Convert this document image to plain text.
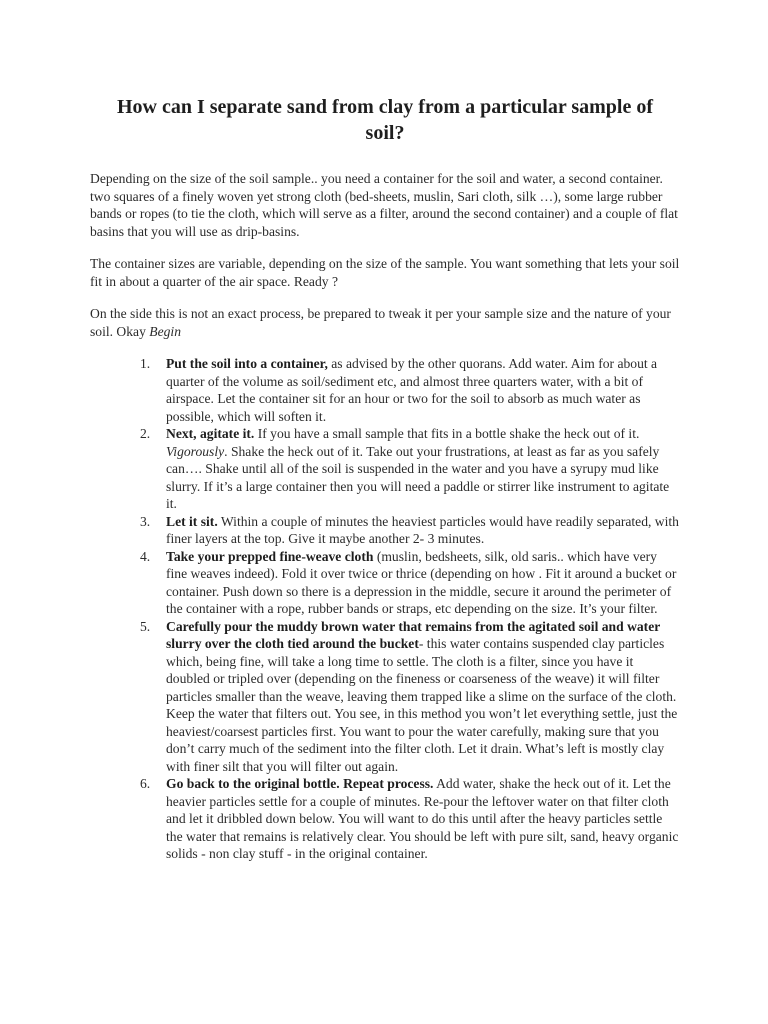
How can I separate sand from clay from a particular sample of soil?

Depending on the size of the soil sample.. you need a container for the soil and water, a second container. two squares of a finely woven yet strong cloth (bed-sheets, muslin, Sari cloth, silk …), some large rubber bands or ropes (to tie the cloth, which will serve as a filter, around the second container) and a couple of flat basins that you will use as drip-basins.

The container sizes are variable, depending on the size of the sample. You want something that lets your soil fit in about a quarter of the air space. Ready ?

On the side this is not an exact process, be prepared to tweak it per your sample size and the nature of your soil. Okay Begin

1.	Put the soil into a container, as advised by the other quorans. Add water. Aim for about a quarter of the volume as soil/sediment etc, and almost three quarters water, with a bit of airspace. Let the container sit for an hour or two for the soil to absorb as much water as possible, which will soften it.
2.	Next, agitate it. If you have a small sample that fits in a bottle shake the heck out of it. Vigorously. Shake the heck out of it. Take out your frustrations, at least as far as you safely can…. Shake until all of the soil is suspended in the water and you have a syrupy mud like slurry. If it’s a large container then you will need a paddle or stirrer like instrument to agitate it.
3.	Let it sit. Within a couple of minutes the heaviest particles would have readily separated, with finer layers at the top. Give it maybe another 2- 3 minutes.
4.	Take your prepped fine-weave cloth (muslin, bedsheets, silk, old saris.. which have very fine weaves indeed). Fold it over twice or thrice (depending on how . Fit it around a bucket or container. Push down so there is a depression in the middle, secure it around the perimeter of the container with a rope, rubber bands or straps, etc depending on the size. It’s your filter.
5.	Carefully pour the muddy brown water that remains from the agitated soil and water slurry over the cloth tied around the bucket- this water contains suspended clay particles which, being fine, will take a long time to settle. The cloth is a filter, since you have it doubled or tripled over (depending on the fineness or coarseness of the weave) it will filter particles smaller than the weave, leaving them trapped like a slime on the surface of the cloth. Keep the water that filters out. You see, in this method you won’t let everything settle, just the heaviest/coarsest particles first. You want to pour the water carefully, making sure that you don’t carry much of the sediment into the filter cloth. Let it drain. What’s left is mostly clay with finer silt that you will filter out again.
6.	Go back to the original bottle. Repeat process. Add water, shake the heck out of it. Let the heavier particles settle for a couple of minutes. Re-pour the leftover water on that filter cloth and let it dribbled down below. You will want to do this until after the heavy particles settle the water that remains is relatively clear. You should be left with pure silt, sand, heavy organic solids - non clay stuff - in the original container.
